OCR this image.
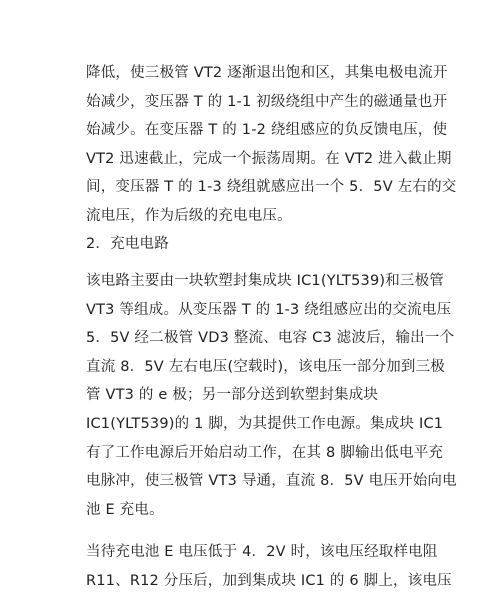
降低，使三极管 VT2 逐渐退出饱和区，其集电极电流开
始减少，变压器 T 的 1-1 初级绕组中产生的磁通量也开
始减少。在变压器 T 的 1-2 绕组感应的负反馈电压，使
VT2 迅速截止，完成一个振荡周期。在 VT2 进入截止期
间，变压器 T 的 1-3 绕组就感应出一个 5．5V 左右的交
流电压，作为后级的充电电压。

2．充电电路

该电路主要由一块软塑封集成块 IC1(YLT539)和三极管
VT3 等组成。从变压器 T 的 1-3 绕组感应出的交流电压
5．5V 经二极管 VD3 整流、电容 C3 滤波后，输出一个
直流 8．5V 左右电压(空载时)，该电压一部分加到三极
管 VT3 的 e 极；另一部分送到软塑封集成块
IC1(YLT539)的 1 脚，为其提供工作电源。集成块 IC1
有了工作电源后开始启动工作，在其 8 脚输出低电平充
电脉冲，使三极管 VT3 导通，直流 8．5V 电压开始向电
池 E 充电。

当待充电池 E 电压低于 4．2V 时，该电压经取样电阻
R11、R12 分压后，加到集成块 IC1 的 6 脚上，该电压
